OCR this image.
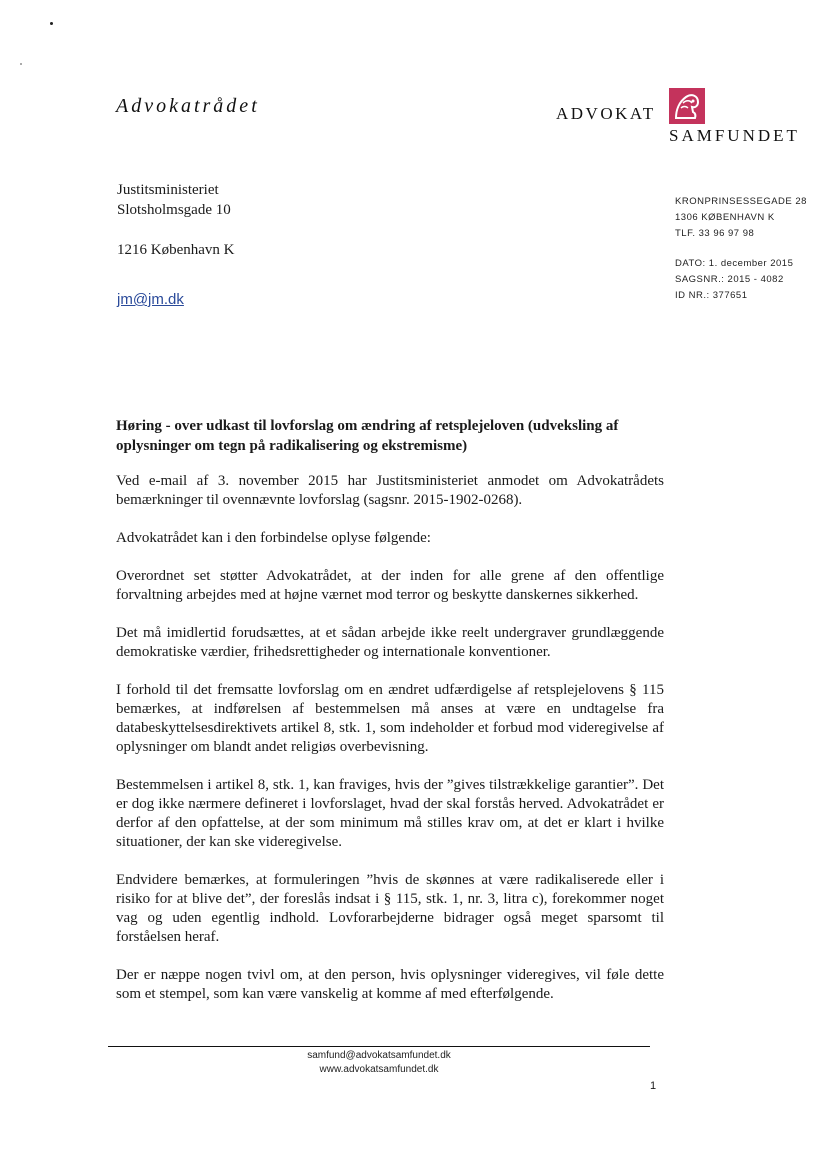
Advokatrådet	ADVOKAT
SAMFUNDET
Justitsministeriet
Slotsholmsgade 10
1216 København K
jm@jm.dk
KRONPRINSESSEGADE 28
1306 KØBENHAVN K
TLF. 33 96 97 98
DATO: 1. december 2015
SAGSNR.: 2015 - 4082
ID NR.: 377651
Høring - over udkast til lovforslag om ændring af retsplejeloven (udveksling af oplysninger om tegn på radikalisering og ekstremisme)

Ved e-mail af 3. november 2015 har Justitsministeriet anmodet om Advokatrådets bemærkninger til ovennævnte lovforslag (sagsnr. 2015-1902-0268).

Advokatrådet kan i den forbindelse oplyse følgende:

Overordnet set støtter Advokatrådet, at der inden for alle grene af den offentlige forvaltning arbejdes med at højne værnet mod terror og beskytte danskernes sikkerhed.

Det må imidlertid forudsættes, at et sådan arbejde ikke reelt undergraver grundlæggende demokratiske værdier, frihedsrettigheder og internationale konventioner.

I forhold til det fremsatte lovforslag om en ændret udfærdigelse af retsplejelovens § 115 bemærkes, at indførelsen af bestemmelsen må anses at være en undtagelse fra databeskyttelsesdirektivets artikel 8, stk. 1, som indeholder et forbud mod videregivelse af oplysninger om blandt andet religiøs overbevisning.

Bestemmelsen i artikel 8, stk. 1, kan fraviges, hvis der ”gives tilstrækkelige garantier”. Det er dog ikke nærmere defineret i lovforslaget, hvad der skal forstås herved. Advokatrådet er derfor af den opfattelse, at der som minimum må stilles krav om, at det er klart i hvilke situationer, der kan ske videregivelse.

Endvidere bemærkes, at formuleringen ”hvis de skønnes at være radikaliserede eller i risiko for at blive det”, der foreslås indsat i § 115, stk. 1, nr. 3, litra c), forekommer noget vag og uden egentlig indhold. Lovforarbejderne bidrager også meget sparsomt til forståelsen heraf.

Der er næppe nogen tvivl om, at den person, hvis oplysninger videregives, vil føle dette som et stempel, som kan være vanskelig at komme af med efterfølgende.

samfund@advokatsamfundet.dk
www.advokatsamfundet.dk
1
